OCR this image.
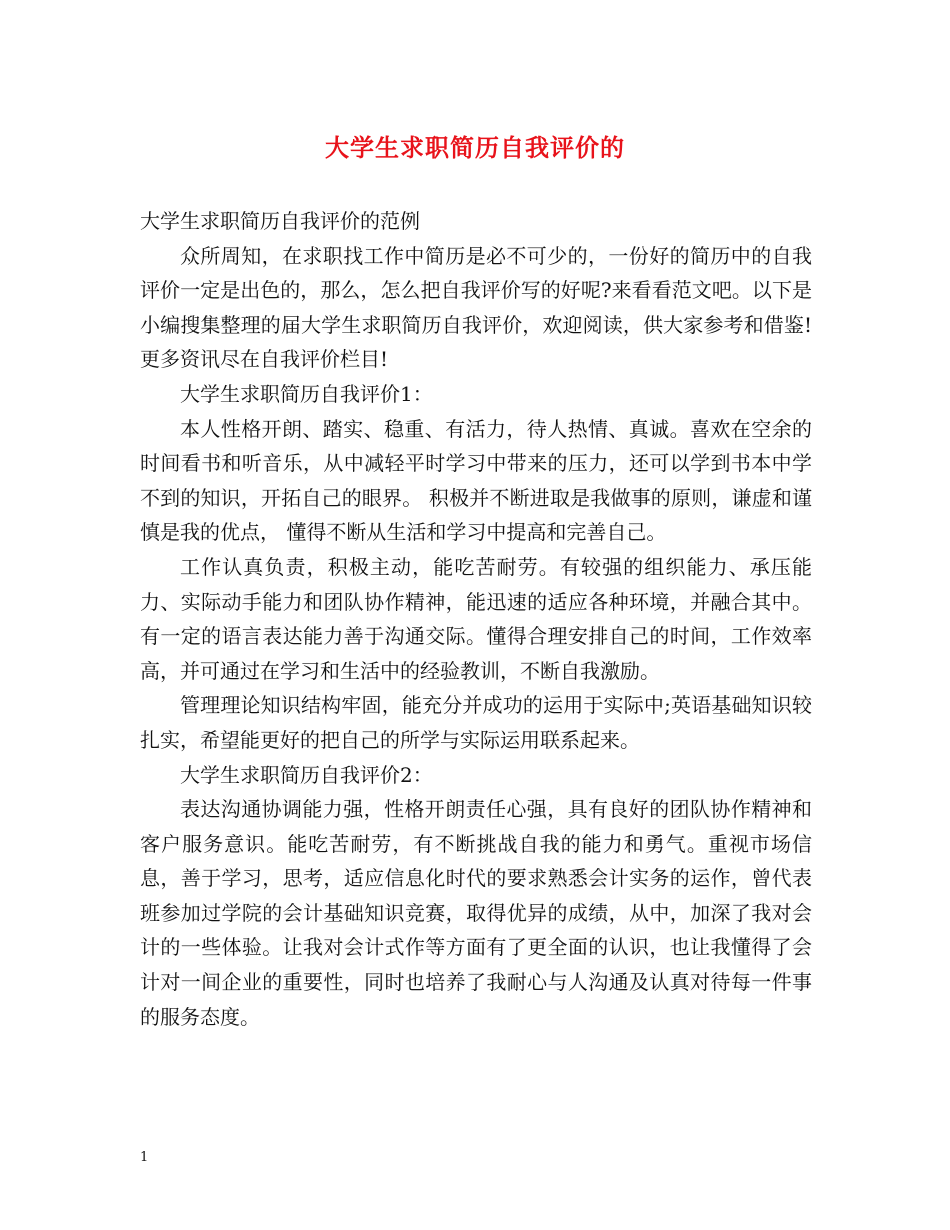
大学生求职简历自我评价的

大学生求职简历自我评价的范例

众所周知，在求职找工作中简历是必不可少的，一份好的简历中的自我评价一定是出色的，那么，怎么把自我评价写的好呢?来看看范文吧。以下是小编搜集整理的届大学生求职简历自我评价，欢迎阅读，供大家参考和借鉴!更多资讯尽在自我评价栏目!

大学生求职简历自我评价1：

本人性格开朗、踏实、稳重、有活力，待人热情、真诚。喜欢在空余的时间看书和听音乐，从中减轻平时学习中带来的压力，还可以学到书本中学不到的知识，开拓自己的眼界。 积极并不断进取是我做事的原则，谦虚和谨慎是我的优点， 懂得不断从生活和学习中提高和完善自己。

工作认真负责，积极主动，能吃苦耐劳。有较强的组织能力、承压能力、实际动手能力和团队协作精神，能迅速的适应各种环境，并融合其中。有一定的语言表达能力善于沟通交际。懂得合理安排自己的时间，工作效率高，并可通过在学习和生活中的经验教训，不断自我激励。

管理理论知识结构牢固，能充分并成功的运用于实际中;英语基础知识较扎实，希望能更好的把自己的所学与实际运用联系起来。

大学生求职简历自我评价2：

表达沟通协调能力强，性格开朗责任心强，具有良好的团队协作精神和客户服务意识。能吃苦耐劳，有不断挑战自我的能力和勇气。重视市场信息，善于学习，思考，适应信息化时代的要求熟悉会计实务的运作，曾代表班参加过学院的会计基础知识竞赛，取得优异的成绩，从中，加深了我对会计的一些体验。让我对会计式作等方面有了更全面的认识，也让我懂得了会计对一间企业的重要性，同时也培养了我耐心与人沟通及认真对待每一件事的服务态度。

1
